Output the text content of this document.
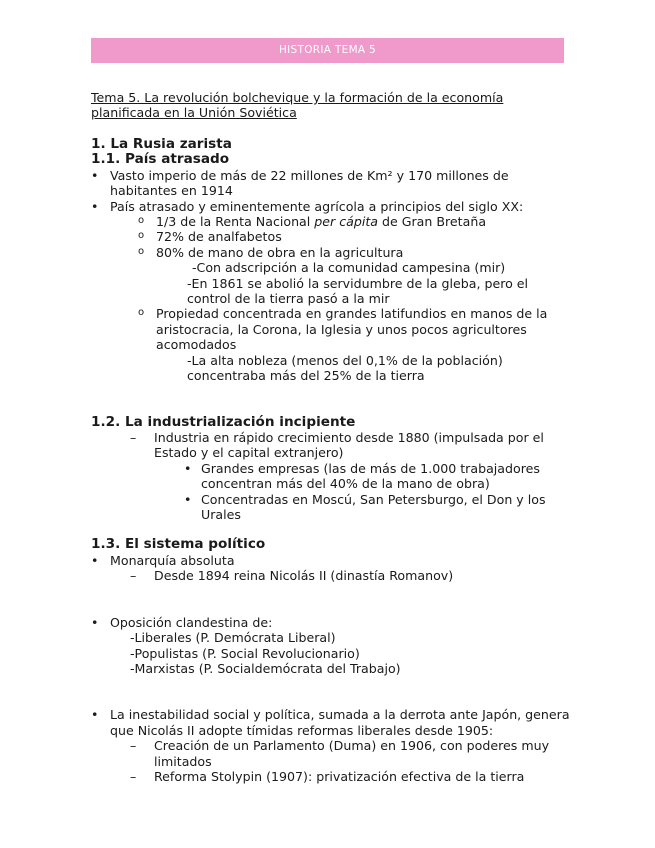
HISTORIA TEMA 5
Tema 5. La revolución bolchevique y la formación de la economía
planificada en la Unión Soviética
1. La Rusia zarista
1.1. País atrasado
• Vasto imperio de más de 22 millones de Km² y 170 millones de habitantes en 1914
• País atrasado y eminentemente agrícola a principios del siglo XX:
o 1/3 de la Renta Nacional per cápita de Gran Bretaña
o 72% de analfabetos
o 80% de mano de obra en la agricultura
-Con adscripción a la comunidad campesina (mir)
-En 1861 se abolió la servidumbre de la gleba, pero el control de la tierra pasó a la mir
o Propiedad concentrada en grandes latifundios en manos de la aristocracia, la Corona, la Iglesia y unos pocos agricultores acomodados
-La alta nobleza (menos del 0,1% de la población) concentraba más del 25% de la tierra
1.2. La industrialización incipiente
– Industria en rápido crecimiento desde 1880 (impulsada por el Estado y el capital extranjero)
• Grandes empresas (las de más de 1.000 trabajadores concentran más del 40% de la mano de obra)
• Concentradas en Moscú, San Petersburgo, el Don y los Urales
1.3. El sistema político
• Monarquía absoluta
– Desde 1894 reina Nicolás II (dinastía Romanov)
• Oposición clandestina de:
-Liberales (P. Demócrata Liberal)
-Populistas (P. Social Revolucionario)
-Marxistas (P. Socialdemócrata del Trabajo)
• La inestabilidad social y política, sumada a la derrota ante Japón, genera que Nicolás II adopte tímidas reformas liberales desde 1905:
– Creación de un Parlamento (Duma) en 1906, con poderes muy limitados
– Reforma Stolypin (1907): privatización efectiva de la tierra
